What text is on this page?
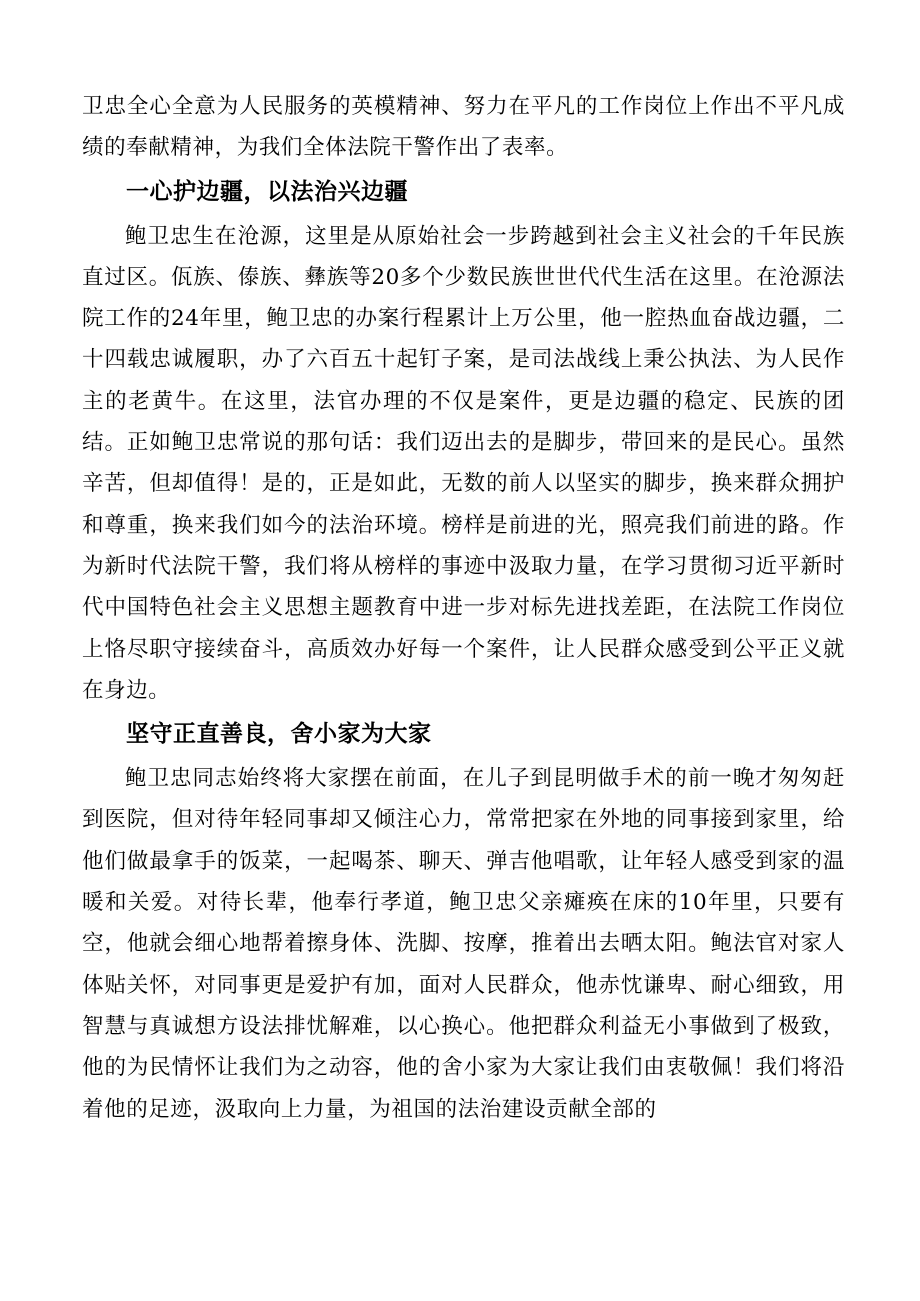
卫忠全心全意为人民服务的英模精神、努力在平凡的工作岗位上作出不平凡成绩的奉献精神，为我们全体法院干警作出了表率。

一心护边疆，以法治兴边疆

鲍卫忠生在沧源，这里是从原始社会一步跨越到社会主义社会的千年民族直过区。佤族、傣族、彝族等20多个少数民族世世代代生活在这里。在沧源法院工作的24年里，鲍卫忠的办案行程累计上万公里，他一腔热血奋战边疆，二十四载忠诚履职，办了六百五十起钉子案，是司法战线上秉公执法、为人民作主的老黄牛。在这里，法官办理的不仅是案件，更是边疆的稳定、民族的团结。正如鲍卫忠常说的那句话：我们迈出去的是脚步，带回来的是民心。虽然辛苦，但却值得！是的，正是如此，无数的前人以坚实的脚步，换来群众拥护和尊重，换来我们如今的法治环境。榜样是前进的光，照亮我们前进的路。作为新时代法院干警，我们将从榜样的事迹中汲取力量，在学习贯彻习近平新时代中国特色社会主义思想主题教育中进一步对标先进找差距，在法院工作岗位上恪尽职守接续奋斗，高质效办好每一个案件，让人民群众感受到公平正义就在身边。

坚守正直善良，舍小家为大家

鲍卫忠同志始终将大家摆在前面，在儿子到昆明做手术的前一晚才匆匆赶到医院，但对待年轻同事却又倾注心力，常常把家在外地的同事接到家里，给他们做最拿手的饭菜，一起喝茶、聊天、弹吉他唱歌，让年轻人感受到家的温暖和关爱。对待长辈，他奉行孝道，鲍卫忠父亲瘫痪在床的10年里，只要有空，他就会细心地帮着擦身体、洗脚、按摩，推着出去晒太阳。鲍法官对家人体贴关怀，对同事更是爱护有加，面对人民群众，他赤忱谦卑、耐心细致，用智慧与真诚想方设法排忧解难，以心换心。他把群众利益无小事做到了极致，他的为民情怀让我们为之动容，他的舍小家为大家让我们由衷敬佩！我们将沿着他的足迹，汲取向上力量，为祖国的法治建设贡献全部的
